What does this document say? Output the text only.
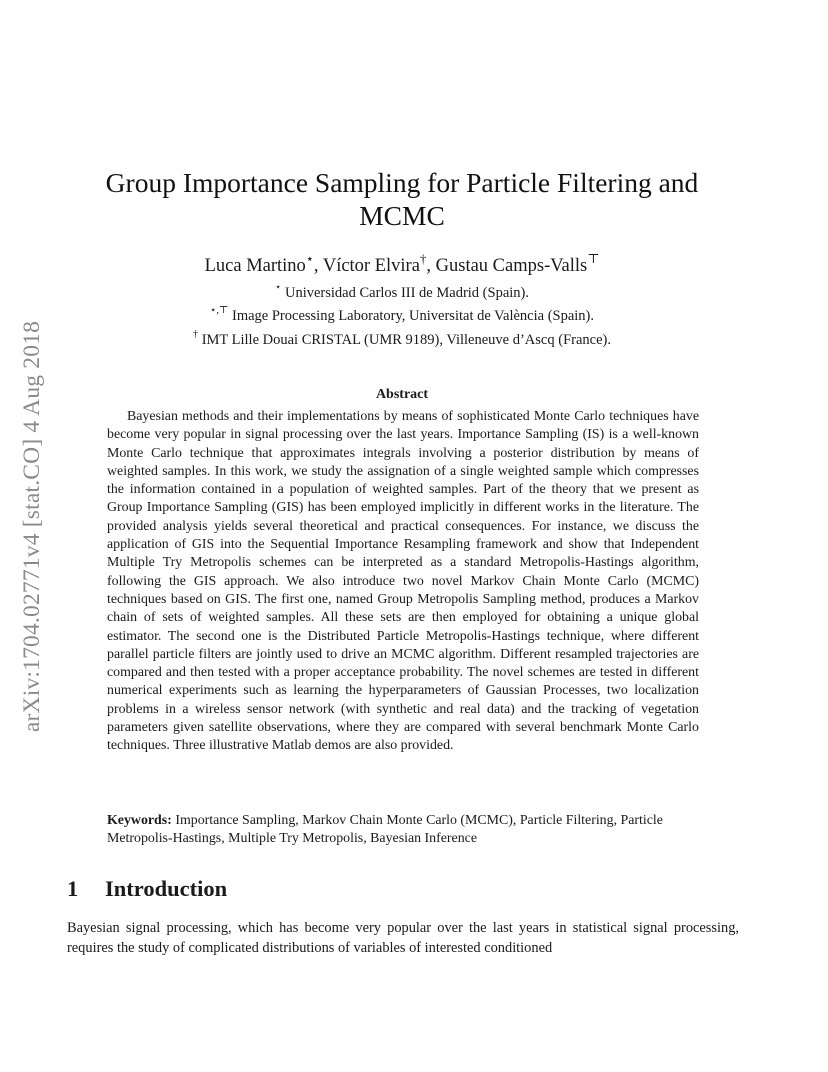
arXiv:1704.02771v4 [stat.CO] 4 Aug 2018
Group Importance Sampling for Particle Filtering and MCMC
Luca Martino⋆, Víctor Elvira†, Gustau Camps-Valls⊤
⋆ Universidad Carlos III de Madrid (Spain).
⋆,⊤ Image Processing Laboratory, Universitat de València (Spain).
† IMT Lille Douai CRISTAL (UMR 9189), Villeneuve d’Ascq (France).
Abstract

Bayesian methods and their implementations by means of sophisticated Monte Carlo techniques have become very popular in signal processing over the last years. Importance Sampling (IS) is a well-known Monte Carlo technique that approximates integrals involving a posterior distribution by means of weighted samples. In this work, we study the assignation of a single weighted sample which compresses the information contained in a population of weighted samples. Part of the theory that we present as Group Importance Sampling (GIS) has been employed implicitly in different works in the literature. The provided analysis yields several theoretical and practical consequences. For instance, we discuss the application of GIS into the Sequential Importance Resampling framework and show that Independent Multiple Try Metropolis schemes can be interpreted as a standard Metropolis-Hastings algorithm, following the GIS approach. We also introduce two novel Markov Chain Monte Carlo (MCMC) techniques based on GIS. The first one, named Group Metropolis Sampling method, produces a Markov chain of sets of weighted samples. All these sets are then employed for obtaining a unique global estimator. The second one is the Distributed Particle Metropolis-Hastings technique, where different parallel particle filters are jointly used to drive an MCMC algorithm. Different resampled trajectories are compared and then tested with a proper acceptance probability. The novel schemes are tested in different numerical experiments such as learning the hyperparameters of Gaussian Processes, two localization problems in a wireless sensor network (with synthetic and real data) and the tracking of vegetation parameters given satellite observations, where they are compared with several benchmark Monte Carlo techniques. Three illustrative Matlab demos are also provided.

Keywords: Importance Sampling, Markov Chain Monte Carlo (MCMC), Particle Filtering, Particle Metropolis-Hastings, Multiple Try Metropolis, Bayesian Inference

1 Introduction

Bayesian signal processing, which has become very popular over the last years in statistical signal processing, requires the study of complicated distributions of variables of interested conditioned
